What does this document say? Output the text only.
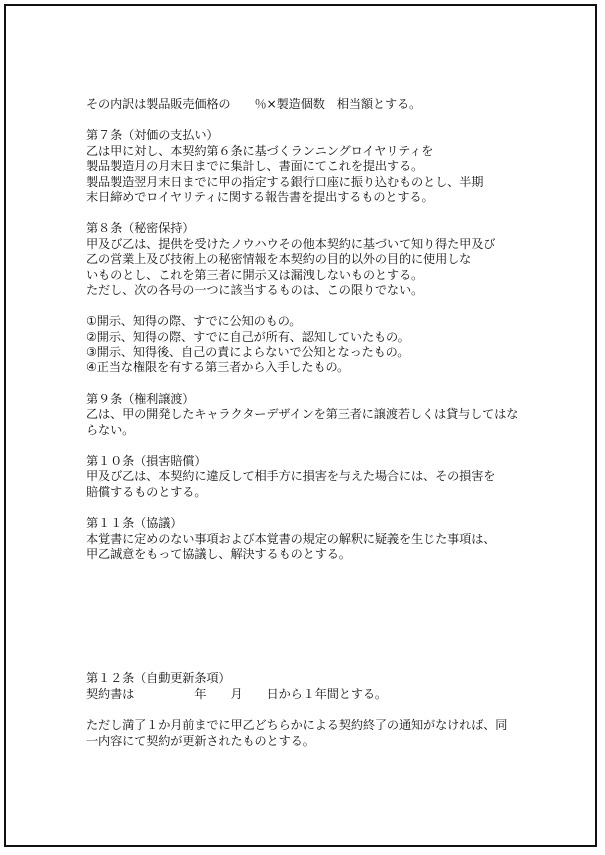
その内訳は製品販売価格の　　％×製造個数　相当額とする。
第７条（対価の支払い）
乙は甲に対し、本契約第６条に基づくランニングロイヤリティを
製品製造月の月末日までに集計し、書面にてこれを提出する。
製品製造翌月末日までに甲の指定する銀行口座に振り込むものとし、半期
末日締めでロイヤリティに関する報告書を提出するものとする。
第８条（秘密保持）
甲及び乙は、提供を受けたノウハウその他本契約に基づいて知り得た甲及び
乙の営業上及び技術上の秘密情報を本契約の目的以外の目的に使用しな
いものとし、これを第三者に開示又は漏洩しないものとする。
ただし、次の各号の一つに該当するものは、この限りでない。
①開示、知得の際、すでに公知のもの。
②開示、知得の際、すでに自己が所有、認知していたもの。
③開示、知得後、自己の責によらないで公知となったもの。
④正当な権限を有する第三者から入手したもの。
第９条（権利譲渡）
乙は、甲の開発したキャラクターデザインを第三者に譲渡若しくは貸与してはな
らない。
第１０条（損害賠償）
甲及び乙は、本契約に違反して相手方に損害を与えた場合には、その損害を
賠償するものとする。
第１１条（協議）
本覚書に定めのない事項および本覚書の規定の解釈に疑義を生じた事項は、
甲乙誠意をもって協議し、解決するものとする。
第１２条（自動更新条項）
契約書は　　　　　年　　月　　日から１年間とする。
ただし満了１か月前までに甲乙どちらかによる契約終了の通知がなければ、同
一内容にて契約が更新されたものとする。
